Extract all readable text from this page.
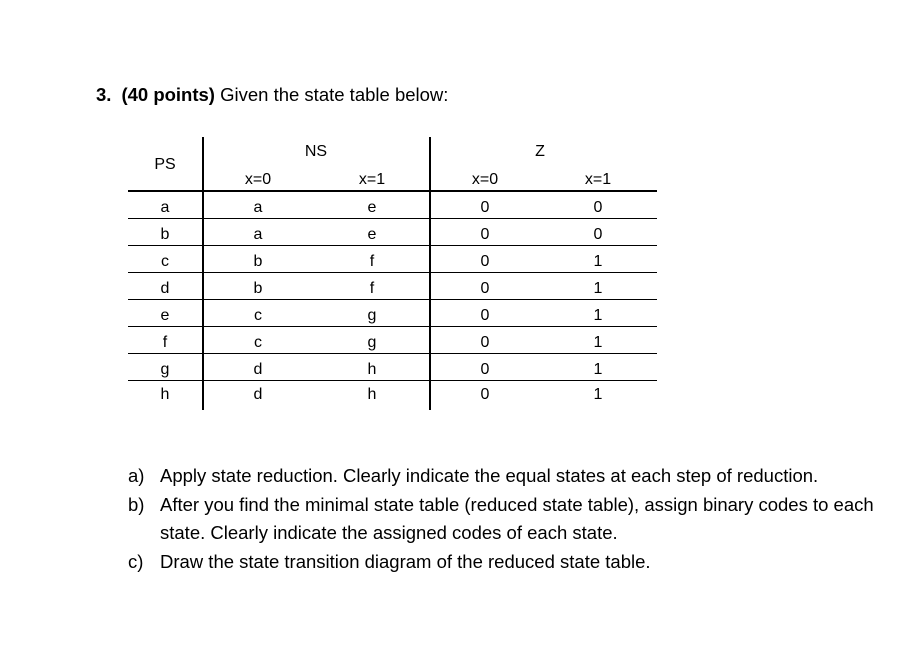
3. (40 points) Given the state table below:
PS
NS	Z
x=0	x=1	x=0	x=1
a	a	e	0	0
b	a	e	0	0
c	b	f	0	1
d	b	f	0	1
e	c	g	0	1
f	c	g	0	1
g	d	h	0	1
h	d	h	0	1
a) Apply state reduction. Clearly indicate the equal states at each step of reduction.
b) After you find the minimal state table (reduced state table), assign binary codes to each state. Clearly indicate the assigned codes of each state.
c) Draw the state transition diagram of the reduced state table.
